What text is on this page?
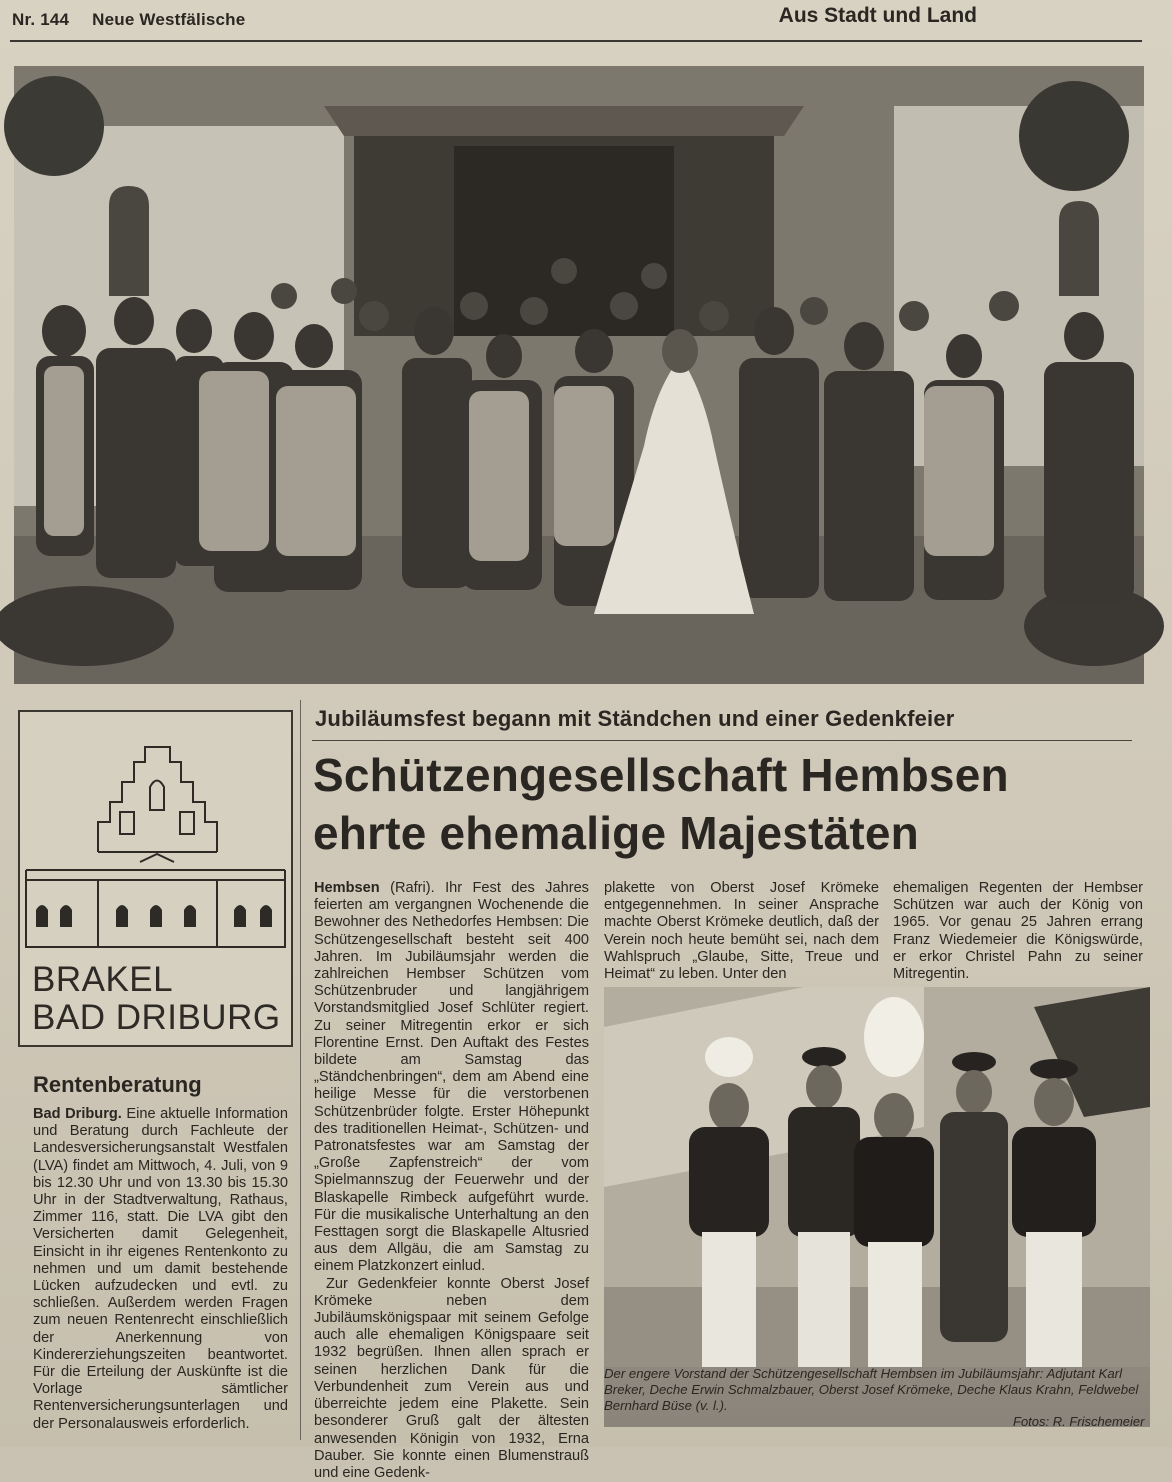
Nr. 144 Neue Westfälische	Aus Stadt und Land
BRAKEL
BAD DRIBURG
Rentenberatung
Bad Driburg. Eine aktuelle Information und Beratung durch Fachleute der Landesversicherungsanstalt Westfalen (LVA) findet am Mittwoch, 4. Juli, von 9 bis 12.30 Uhr und von 13.30 bis 15.30 Uhr in der Stadtverwaltung, Rathaus, Zimmer 116, statt. Die LVA gibt den Versicherten damit Gelegenheit, Einsicht in ihr eigenes Rentenkonto zu nehmen und um damit bestehende Lücken aufzudecken und evtl. zu schließen. Außerdem werden Fragen zum neuen Rentenrecht einschließlich der Anerkennung von Kindererziehungszeiten beantwortet. Für die Erteilung der Auskünfte ist die Vorlage sämtlicher Rentenversicherungsunterlagen und der Personalausweis erforderlich.
Jubiläumsfest begann mit Ständchen und einer Gedenkfeier
Schützengesellschaft Hembsen
ehrte ehemalige Majestäten
Hembsen (Rafri). Ihr Fest des Jahres feierten am vergangnen Wochenende die Bewohner des Nethedorfes Hembsen: Die Schützengesellschaft besteht seit 400 Jahren. Im Jubiläumsjahr werden die zahlreichen Hembser Schützen vom Schützenbruder und langjährigem Vorstandsmitglied Josef Schlüter regiert. Zu seiner Mitregentin erkor er sich Florentine Ernst. Den Auftakt des Festes bildete am Samstag das „Ständchenbringen“, dem am Abend eine heilige Messe für die verstorbenen Schützenbrüder folgte. Erster Höhepunkt des traditionellen Heimat-, Schützen- und Patronatsfestes war am Samstag der „Große Zapfenstreich“ der vom Spielmannszug der Feuerwehr und der Blaskapelle Rimbeck aufgeführt wurde. Für die musikalische Unterhaltung an den Festtagen sorgt die Blaskapelle Altusried aus dem Allgäu, die am Samstag zu einem Platzkonzert einlud.
Zur Gedenkfeier konnte Oberst Josef Krömeke neben dem Jubiläumskönigspaar mit seinem Gefolge auch alle ehemaligen Königspaare seit 1932 begrüßen. Ihnen allen sprach er seinen herzlichen Dank für die Verbundenheit zum Verein aus und überreichte jedem eine Plakette. Sein besonderer Gruß galt der ältesten anwesenden Königin von 1932, Erna Dauber. Sie konnte einen Blumenstrauß und eine Gedenk-
plakette von Oberst Josef Krömeke entgegennehmen. In seiner Ansprache machte Oberst Krömeke deutlich, daß der Verein noch heute bemüht sei, nach dem Wahlspruch „Glaube, Sitte, Treue und Heimat“ zu leben. Unter den
ehemaligen Regenten der Hembser Schützen war auch der König von 1965. Vor genau 25 Jahren errang Franz Wiedemeier die Königswürde, er erkor Christel Pahn zu seiner Mitregentin.
Der engere Vorstand der Schützengesellschaft Hembsen im Jubiläumsjahr: Adjutant Karl Breker, Deche Erwin Schmalzbauer, Oberst Josef Krömeke, Deche Klaus Krahn, Feldwebel Bernhard Büse (v. l.).
Fotos: R. Frischemeier
